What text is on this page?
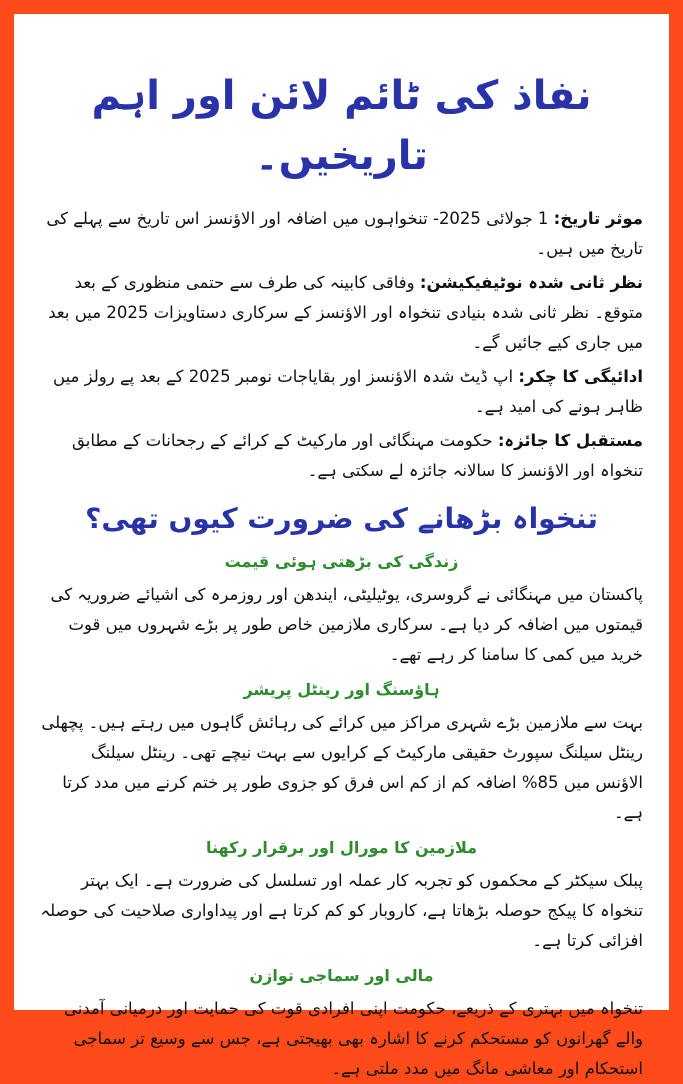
نفاذ کی ٹائم لائن اور اہم تاریخیں۔

موثر تاریخ: 1 جولائی 2025- تنخواہوں میں اضافہ اور الاؤنسز اس تاریخ سے پہلے کی تاریخ میں ہیں۔

نظر ثانی شدہ نوٹیفیکیشن: وفاقی کابینہ کی طرف سے حتمی منظوری کے بعد متوقع۔ نظر ثانی شدہ بنیادی تنخواہ اور الاؤنسز کے سرکاری دستاویزات 2025 میں بعد میں جاری کیے جائیں گے۔

ادائیگی کا چکر: اپ ڈیٹ شدہ الاؤنسز اور بقایاجات نومبر 2025 کے بعد پے رولز میں ظاہر ہونے کی امید ہے۔

مستقبل کا جائزہ: حکومت مہنگائی اور مارکیٹ کے کرائے کے رجحانات کے مطابق تنخواہ اور الاؤنسز کا سالانہ جائزہ لے سکتی ہے۔

تنخواہ بڑھانے کی ضرورت کیوں تھی؟
زندگی کی بڑھتی ہوئی قیمت

پاکستان میں مہنگائی نے گروسری، یوٹیلیٹی، ایندھن اور روزمرہ کی اشیائے ضروریہ کی قیمتوں میں اضافہ کر دیا ہے۔ سرکاری ملازمین خاص طور پر بڑے شہروں میں قوت خرید میں کمی کا سامنا کر رہے تھے۔

ہاؤسنگ اور رینٹل پریشر

بہت سے ملازمین بڑے شہری مراکز میں کرائے کی رہائش گاہوں میں رہتے ہیں۔ پچھلی رینٹل سیلنگ سپورٹ حقیقی مارکیٹ کے کرایوں سے بہت نیچے تھی۔ رینٹل سیلنگ الاؤنس میں 85% اضافہ کم از کم اس فرق کو جزوی طور پر ختم کرنے میں مدد کرتا ہے۔

ملازمین کا مورال اور برقرار رکھنا

پبلک سیکٹر کے محکموں کو تجربہ کار عملہ اور تسلسل کی ضرورت ہے۔ ایک بہتر تنخواہ کا پیکج حوصلہ بڑھاتا ہے، کاروبار کو کم کرتا ہے اور پیداواری صلاحیت کی حوصلہ افزائی کرتا ہے۔

مالی اور سماجی توازن

تنخواہ میں بہتری کے ذریعے، حکومت اپنی افرادی قوت کی حمایت اور درمیانی آمدنی والے گھرانوں کو مستحکم کرنے کا اشارہ بھی بھیجتی ہے، جس سے وسیع تر سماجی استحکام اور معاشی مانگ میں مدد ملتی ہے۔
